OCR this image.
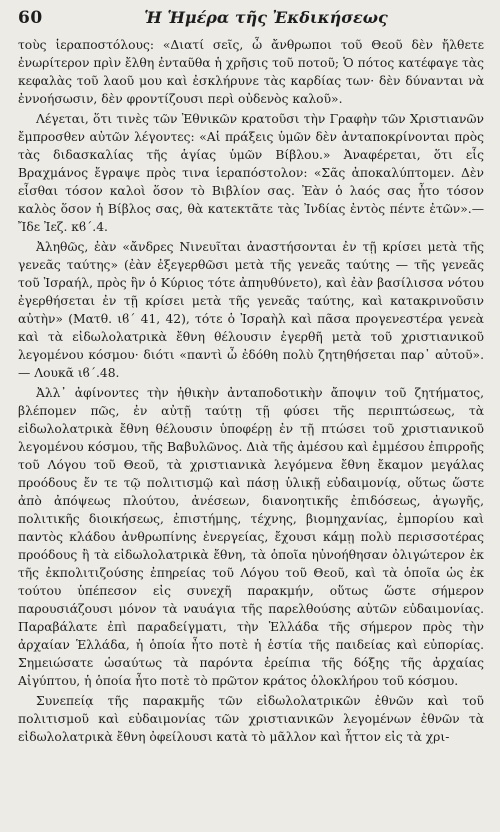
60	Ἡ Ἡμέρα τῆς Ἐκδικήσεως

τοὺς ἱεραποστόλους: «Διατί σεῖς, ὦ ἄνθρωποι τοῦ Θεοῦ δὲν ἤλθετε ἐνωρίτερον πρὶν ἔλθη ἐνταῦθα ἡ χρῆσις τοῦ ποτοῦ; Ὁ πότος κατέφαγε τὰς κεφαλὰς τοῦ λαοῦ μου καὶ ἐσκλήρυνε τὰς καρδίας των· δὲν δύνανται νὰ ἐννοήσωσιν, δὲν φροντίζουσι περὶ οὐδενὸς καλοῦ».

Λέγεται, ὅτι τινὲς τῶν Ἐθνικῶν κρατοῦσι τὴν Γραφὴν τῶν Χριστιανῶν ἔμπροσθεν αὐτῶν λέγοντες: «Αἱ πράξεις ὑμῶν δὲν ἀνταποκρίνονται πρὸς τὰς διδασκαλίας τῆς ἁγίας ὑμῶν Βίβλου.» Ἀναφέρεται, ὅτι εἷς Βραχμάνος ἔγραψε πρὸς τινα ἱεραπόστολον: «Σᾶς ἀποκαλύπτομεν. Δὲν εἶσθαι τόσον καλοὶ ὅσον τὸ Βιβλίον σας. Ἐὰν ὁ λαός σας ἦτο τόσον καλὸς ὅσον ἡ Βίβλος σας, θὰ κατεκτᾶτε τὰς Ἰνδίας ἐντὸς πέντε ἐτῶν».— Ἴδε Ἰεζ. κϐ΄.4.

Ἀληθῶς, ἐὰν «ἄνδρες Νινευῖται ἀναστήσονται ἐν τῇ κρίσει μετὰ τῆς γενεᾶς ταύτης» (ἐὰν ἐξεγερθῶσι μετὰ τῆς γενεᾶς ταύτης — τῆς γενεᾶς τοῦ Ἰσραήλ, πρὸς ἣν ὁ Κύριος τότε ἀπηυθύνετο), καὶ ἐὰν βασίλισσα νότου ἐγερθήσεται ἐν τῇ κρίσει μετὰ τῆς γενεᾶς ταύτης, καὶ κατακρινοῦσιν αὐτὴν» (Ματθ. ιϐ΄ 41, 42), τότε ὁ Ἰσραὴλ καὶ πᾶσα προγενεστέρα γενεὰ καὶ τὰ εἰδωλολατρικὰ ἔθνη θέλουσιν ἐγερθῆ μετὰ τοῦ χριστιανικοῦ λεγομένου κόσμου· διότι «παντὶ ὦ ἐδόθη πολὺ ζητηθήσεται παρ᾽ αὐτοῦ». — Λουκᾶ ιϐ΄.48.

Ἀλλ᾽ ἀφίνοντες τὴν ἠθικὴν ἀνταποδοτικὴν ἄποψιν τοῦ ζητήματος, βλέπομεν πῶς, ἐν αὐτῇ ταύτῃ τῇ φύσει τῆς περιπτώσεως, τὰ εἰδωλολατρικὰ ἔθνη θέλουσιν ὑποφέρῃ ἐν τῇ πτώσει τοῦ χριστιανικοῦ λεγομένου κόσμου, τῆς Βαβυλῶνος. Διὰ τῆς ἀμέσου καὶ ἐμμέσου ἐπιρροῆς τοῦ Λόγου τοῦ Θεοῦ, τὰ χριστιανικὰ λεγόμενα ἔθνη ἔκαμον μεγάλας προόδους ἔν τε τῷ πολιτισμῷ καὶ πάσῃ ὑλικῇ εὐδαιμονίᾳ, οὕτως ὥστε ἀπὸ ἀπόψεως πλούτου, ἀνέσεων, διανοητικῆς ἐπιδόσεως, ἀγωγῆς, πολιτικῆς διοικήσεως, ἐπιστήμης, τέχνης, βιομηχανίας, ἐμπορίου καὶ παντὸς κλάδου ἀνθρωπίνης ἐνεργείας, ἔχουσι κάμῃ πολὺ περισσοτέρας προόδους ἢ τὰ εἰδωλολατρικὰ ἔθνη, τὰ ὁποῖα ηὐνοήθησαν ὀλιγώτερον ἐκ τῆς ἐκπολιτιζούσης ἐπηρείας τοῦ Λόγου τοῦ Θεοῦ, καὶ τὰ ὁποῖα ὡς ἐκ τούτου ὑπέπεσον εἰς συνεχῆ παρακμήν, οὕτως ὥστε σήμερον παρουσιάζουσι μόνον τὰ ναυάγια τῆς παρελθούσης αὐτῶν εὐδαιμονίας. Παραβάλατε ἐπὶ παραδείγματι, τὴν Ἑλλάδα τῆς σήμερον πρὸς τὴν ἀρχαίαν Ἑλλάδα, ἡ ὁποία ἦτο ποτὲ ἡ ἑστία τῆς παιδείας καὶ εὐπορίας. Σημειώσατε ὡσαύτως τὰ παρόντα ἐρείπια τῆς δόξης τῆς ἀρχαίας Αἰγύπτου, ἡ ὁποία ἦτο ποτὲ τὸ πρῶτον κράτος ὁλοκλήρου τοῦ κόσμου.

Συνεπείᾳ τῆς παρακμῆς τῶν εἰδωλολατρικῶν ἐθνῶν καὶ τοῦ πολιτισμοῦ καὶ εὐδαιμονίας τῶν χριστιανικῶν λεγομένων ἐθνῶν τὰ εἰδωλολατρικὰ ἔθνη ὀφείλουσι κατὰ τὸ μᾶλλον καὶ ἧττον εἰς τὰ χρι-
